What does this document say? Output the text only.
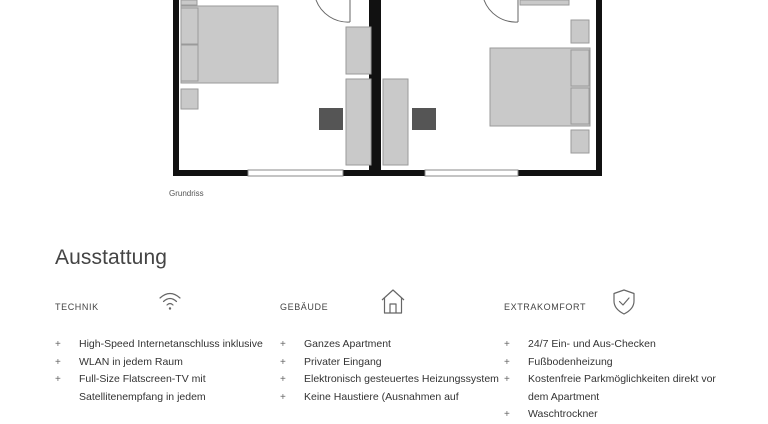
Grundriss
Ausstattung
TECHNIK
+ High-Speed Internetanschluss inklusive
+ WLAN in jedem Raum
+ Full-Size Flatscreen-TV mit Satellitenempfang in jedem
GEBÄUDE
+ Ganzes Apartment
+ Privater Eingang
+ Elektronisch gesteuertes Heizungssystem
+ Keine Haustiere (Ausnahmen auf
EXTRAKOMFORT
+ 24/7 Ein- und Aus-Checken
+ Fußbodenheizung
+ Kostenfreie Parkmöglichkeiten direkt vor dem Apartment
+ Waschtrockner
